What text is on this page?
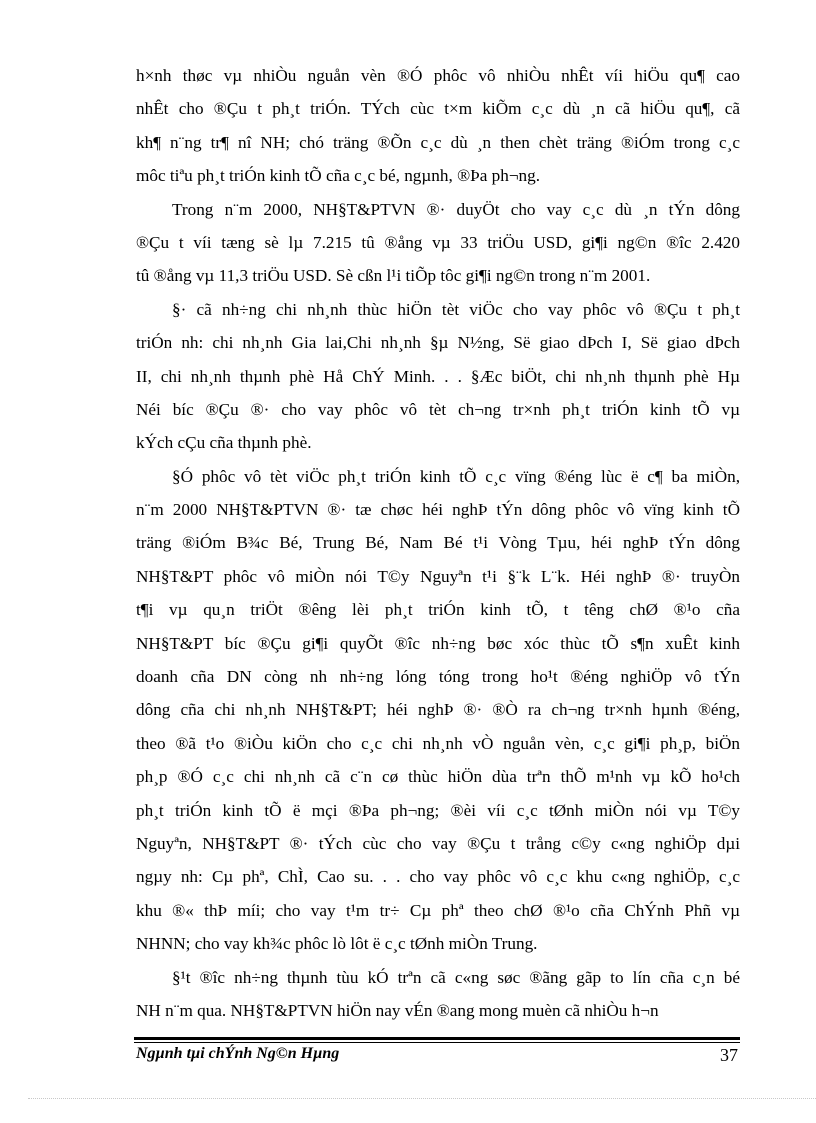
h×nh thøc vµ nhiÒu nguån vèn ®Ó phôc vô nhiÒu nhÊt víi hiÖu qu¶ cao
nhÊt cho ®Çu t ph¸t triÓn. TÝch cùc t×m kiÕm c¸c dù ¸n cã hiÖu qu¶, cã
kh¶ n¨ng tr¶ nî NH; chó träng ®Õn c¸c dù ¸n then chèt träng ®iÓm trong c¸c
môc tiªu ph¸t triÓn kinh tÕ cña c¸c bé, ngµnh, ®Þa ph¬ng.
Trong n¨m 2000, NH§T&PTVN ®· duyÖt cho vay c¸c dù ¸n tÝn dông
®Çu t víi tæng sè lµ 7.215 tû ®ång vµ 33 triÖu USD, gi¶i ng©n ®îc 2.420
tû ®ång vµ 11,3 triÖu USD. Sè cßn l¹i tiÕp tôc gi¶i ng©n trong n¨m 2001.
§· cã nh÷ng chi nh¸nh thùc hiÖn tèt viÖc cho vay phôc vô ®Çu t ph¸t
triÓn nh: chi nh¸nh Gia lai,Chi nh¸nh §µ N½ng, Së giao dÞch I, Së giao dÞch
II, chi nh¸nh thµnh phè Hå ChÝ Minh. . . §Æc biÖt, chi nh¸nh thµnh phè Hµ
Néi bíc ®Çu ®· cho vay phôc vô tèt ch¬ng tr×nh ph¸t triÓn kinh tÕ vµ
kÝch cÇu cña thµnh phè.
§Ó phôc vô tèt viÖc ph¸t triÓn kinh tÕ c¸c vïng ®éng lùc ë c¶ ba miÒn,
n¨m 2000 NH§T&PTVN ®· tæ chøc héi nghÞ tÝn dông phôc vô vïng kinh tÕ
träng ®iÓm B¾c Bé, Trung Bé, Nam Bé t¹i Vòng Tµu, héi nghÞ tÝn dông
NH§T&PT phôc vô miÒn nói T©y Nguyªn t¹i §¨k L¨k. Héi nghÞ ®· truyÒn
t¶i vµ qu¸n triÖt ®êng lèi ph¸t triÓn kinh tÕ, t têng chØ ®¹o cña
NH§T&PT bíc ®Çu gi¶i quyÕt ®îc nh÷ng bøc xóc thùc tÕ s¶n xuÊt kinh
doanh cña DN còng nh nh÷ng lóng tóng trong ho¹t ®éng nghiÖp vô tÝn
dông cña chi nh¸nh NH§T&PT; héi nghÞ ®· ®Ò ra ch¬ng tr×nh hµnh ®éng,
theo ®ã t¹o ®iÒu kiÖn cho c¸c chi nh¸nh vÒ nguån vèn, c¸c gi¶i ph¸p, biÖn
ph¸p ®Ó c¸c chi nh¸nh cã c¨n cø thùc hiÖn dùa trªn thÕ m¹nh vµ kÕ ho¹ch
ph¸t triÓn kinh tÕ ë mçi ®Þa ph¬ng; ®èi víi c¸c tØnh miÒn nói vµ T©y
Nguyªn, NH§T&PT ®· tÝch cùc cho vay ®Çu t trång c©y c«ng nghiÖp dµi
ngµy nh: Cµ phª, ChÌ, Cao su. . . cho vay phôc vô c¸c khu c«ng nghiÖp, c¸c
khu ®« thÞ míi; cho vay t¹m tr÷ Cµ phª theo chØ ®¹o cña ChÝnh Phñ vµ
NHNN; cho vay kh¾c phôc lò lôt ë c¸c tØnh miÒn Trung.
§¹t ®îc nh÷ng thµnh tùu kÓ trªn cã c«ng søc ®ãng gãp to lín cña c¸n bé
NH n¨m qua. NH§T&PTVN hiÖn nay vÉn ®ang mong muèn cã nhiÒu h¬n
Ngµnh tµi chÝnh Ng©n Hµng	37
